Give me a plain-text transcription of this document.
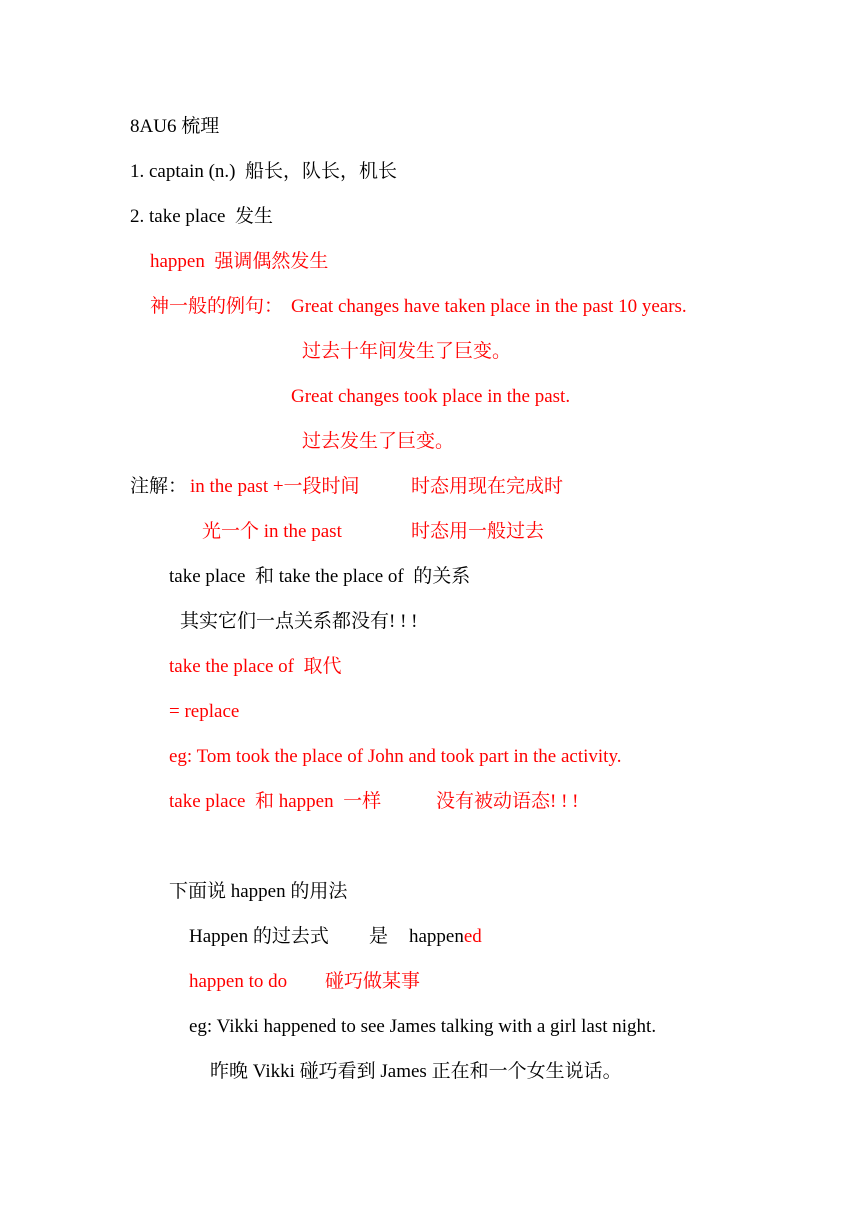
8AU6 梳理
1. captain (n.)  船长，队长，机长
2. take place  发生
happen  强调偶然发生
神一般的例句： Great changes have taken place in the past 10 years.
过去十年间发生了巨变。
Great changes took place in the past.
过去发生了巨变。
注解： in the past +一段时间	时态用现在完成时
光一个 in the past	时态用一般过去
take place  和 take the place of  的关系
其实它们一点关系都没有! ! !
take the place of  取代
= replace
eg: Tom took the place of John and took part in the activity.
take place  和 happen  一样	没有被动语态! ! !
下面说 happen 的用法
Happen 的过去式 是 happened
happen to do 碰巧做某事
eg: Vikki happened to see James talking with a girl last night.
昨晚 Vikki 碰巧看到 James 正在和一个女生说话。
